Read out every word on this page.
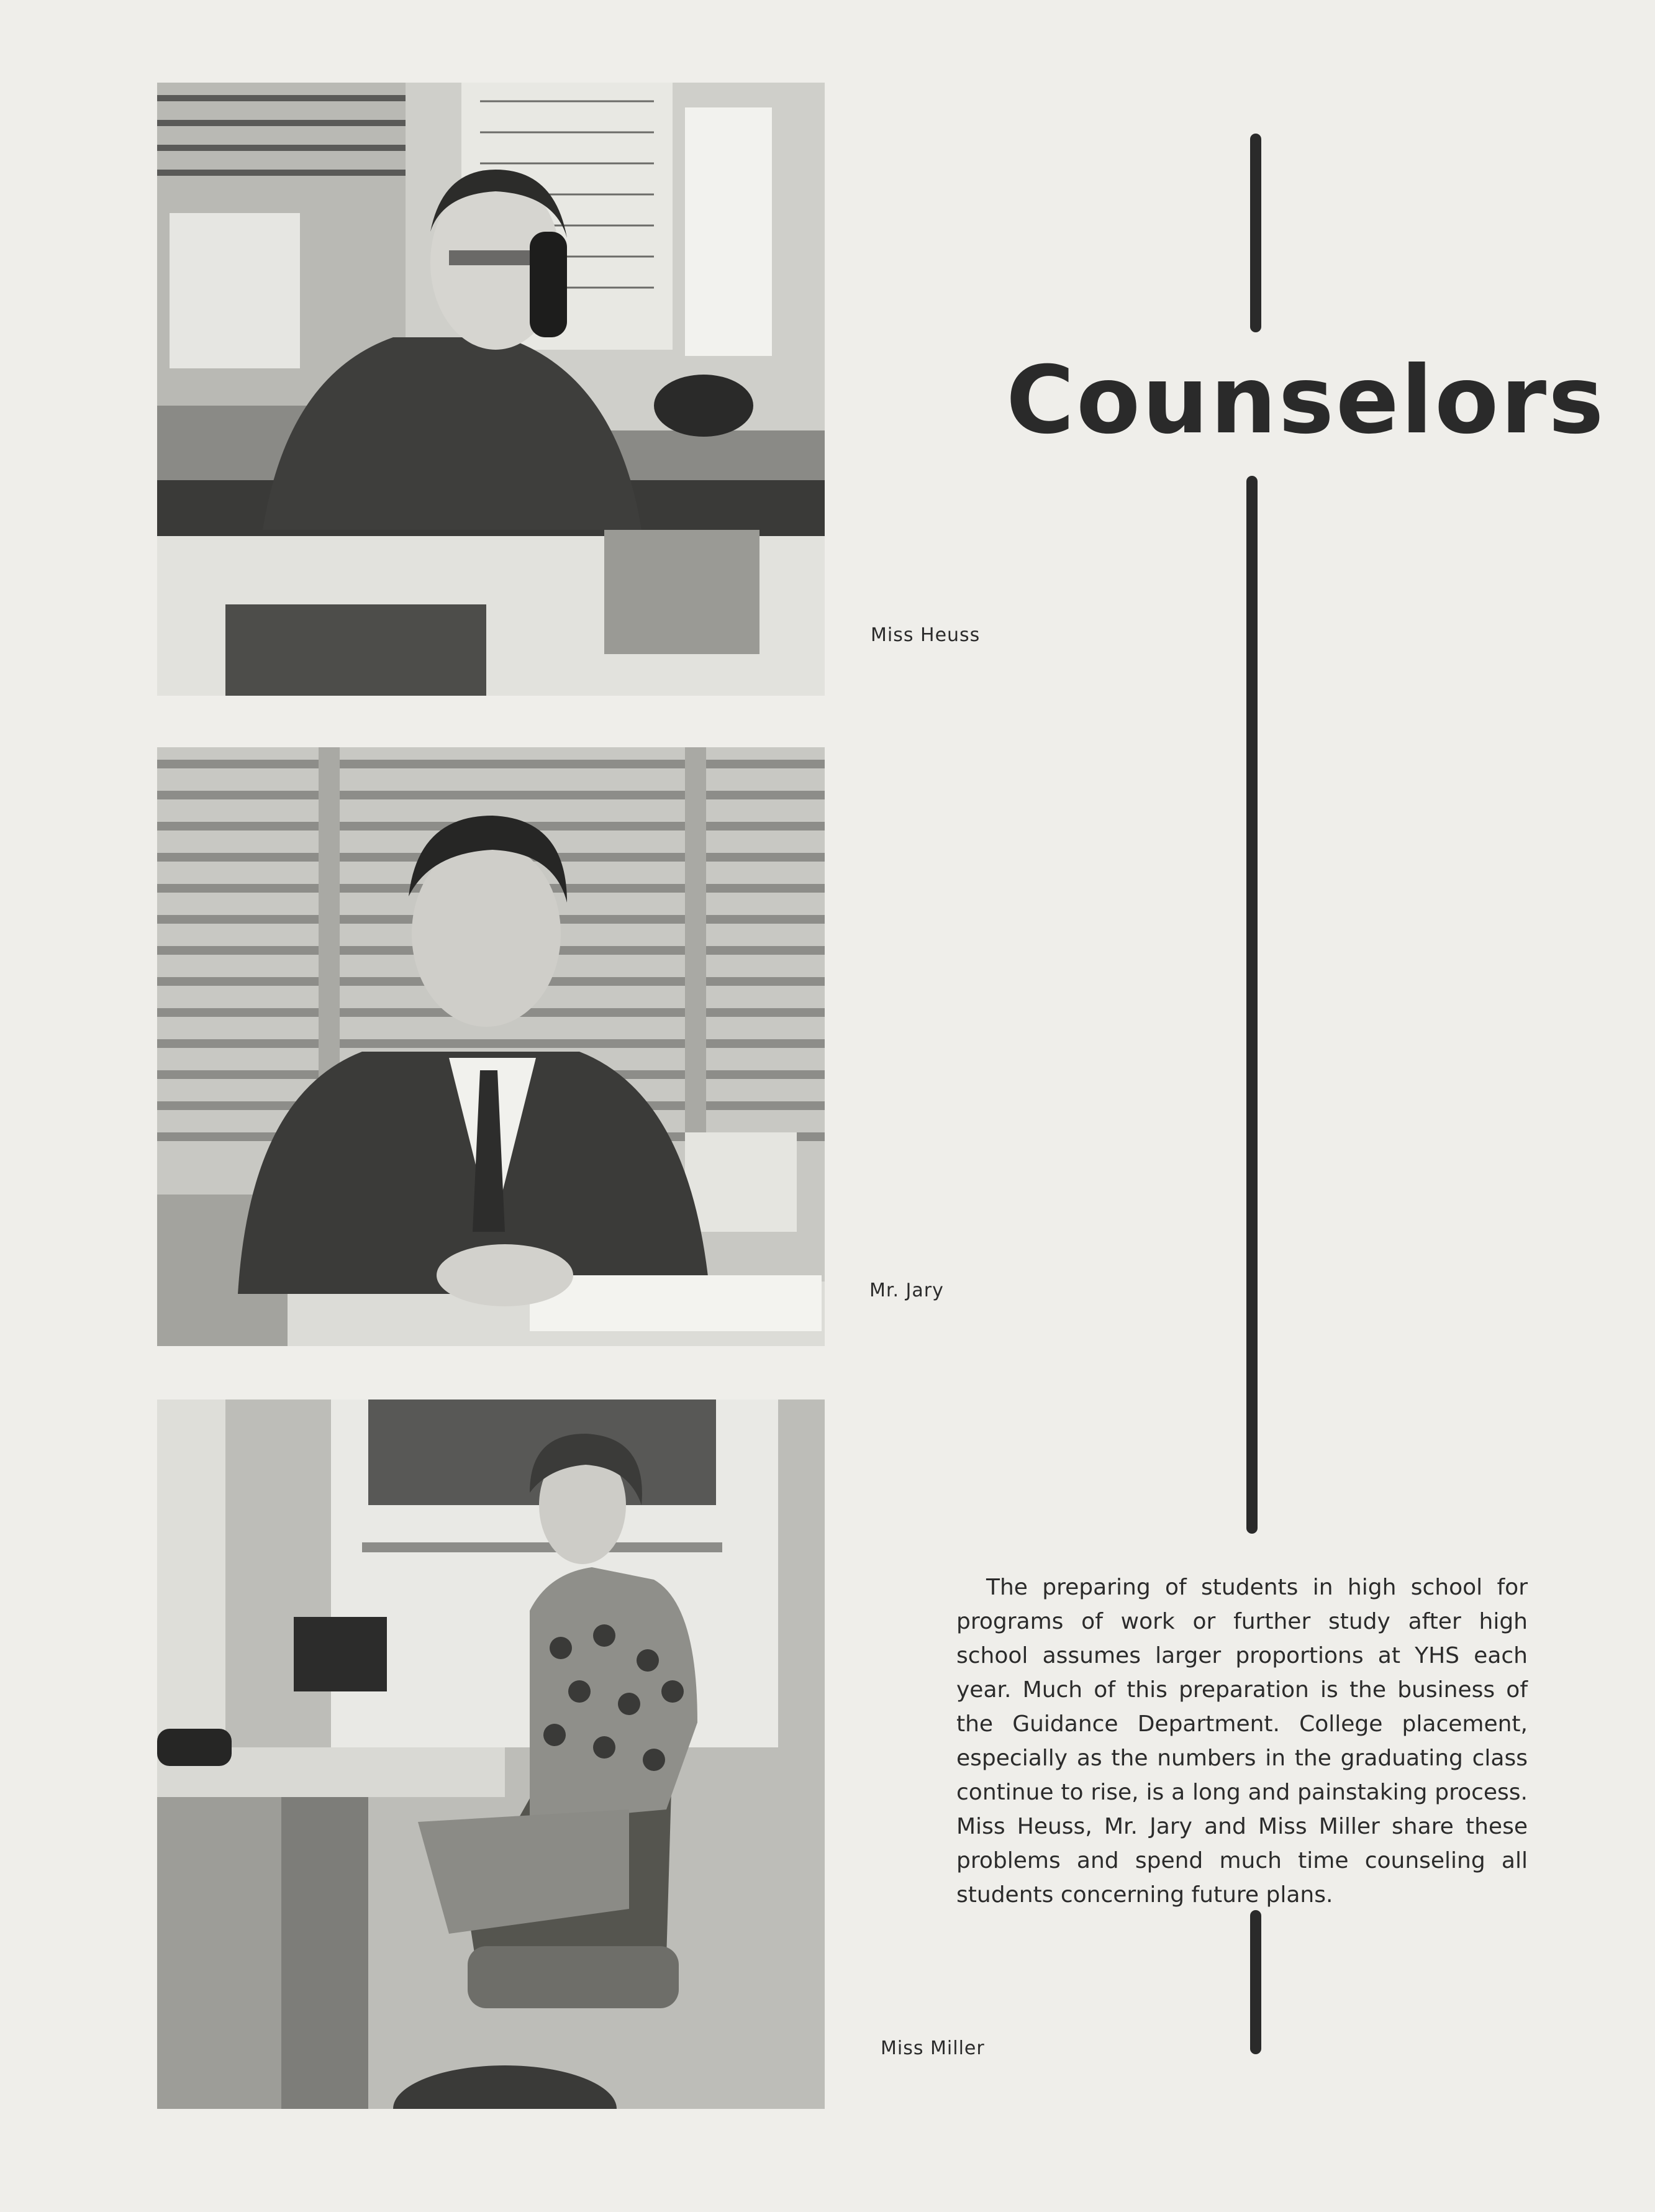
Miss Heuss
Mr. Jary
Miss Miller
Counselors
The preparing of students in high school for programs of work or further study after high school assumes larger proportions at YHS each year. Much of this preparation is the business of the Guidance Department. College placement, especially as the numbers in the graduating class continue to rise, is a long and painstaking process. Miss Heuss, Mr. Jary and Miss Miller share these problems and spend much time counseling all students concerning future plans.
